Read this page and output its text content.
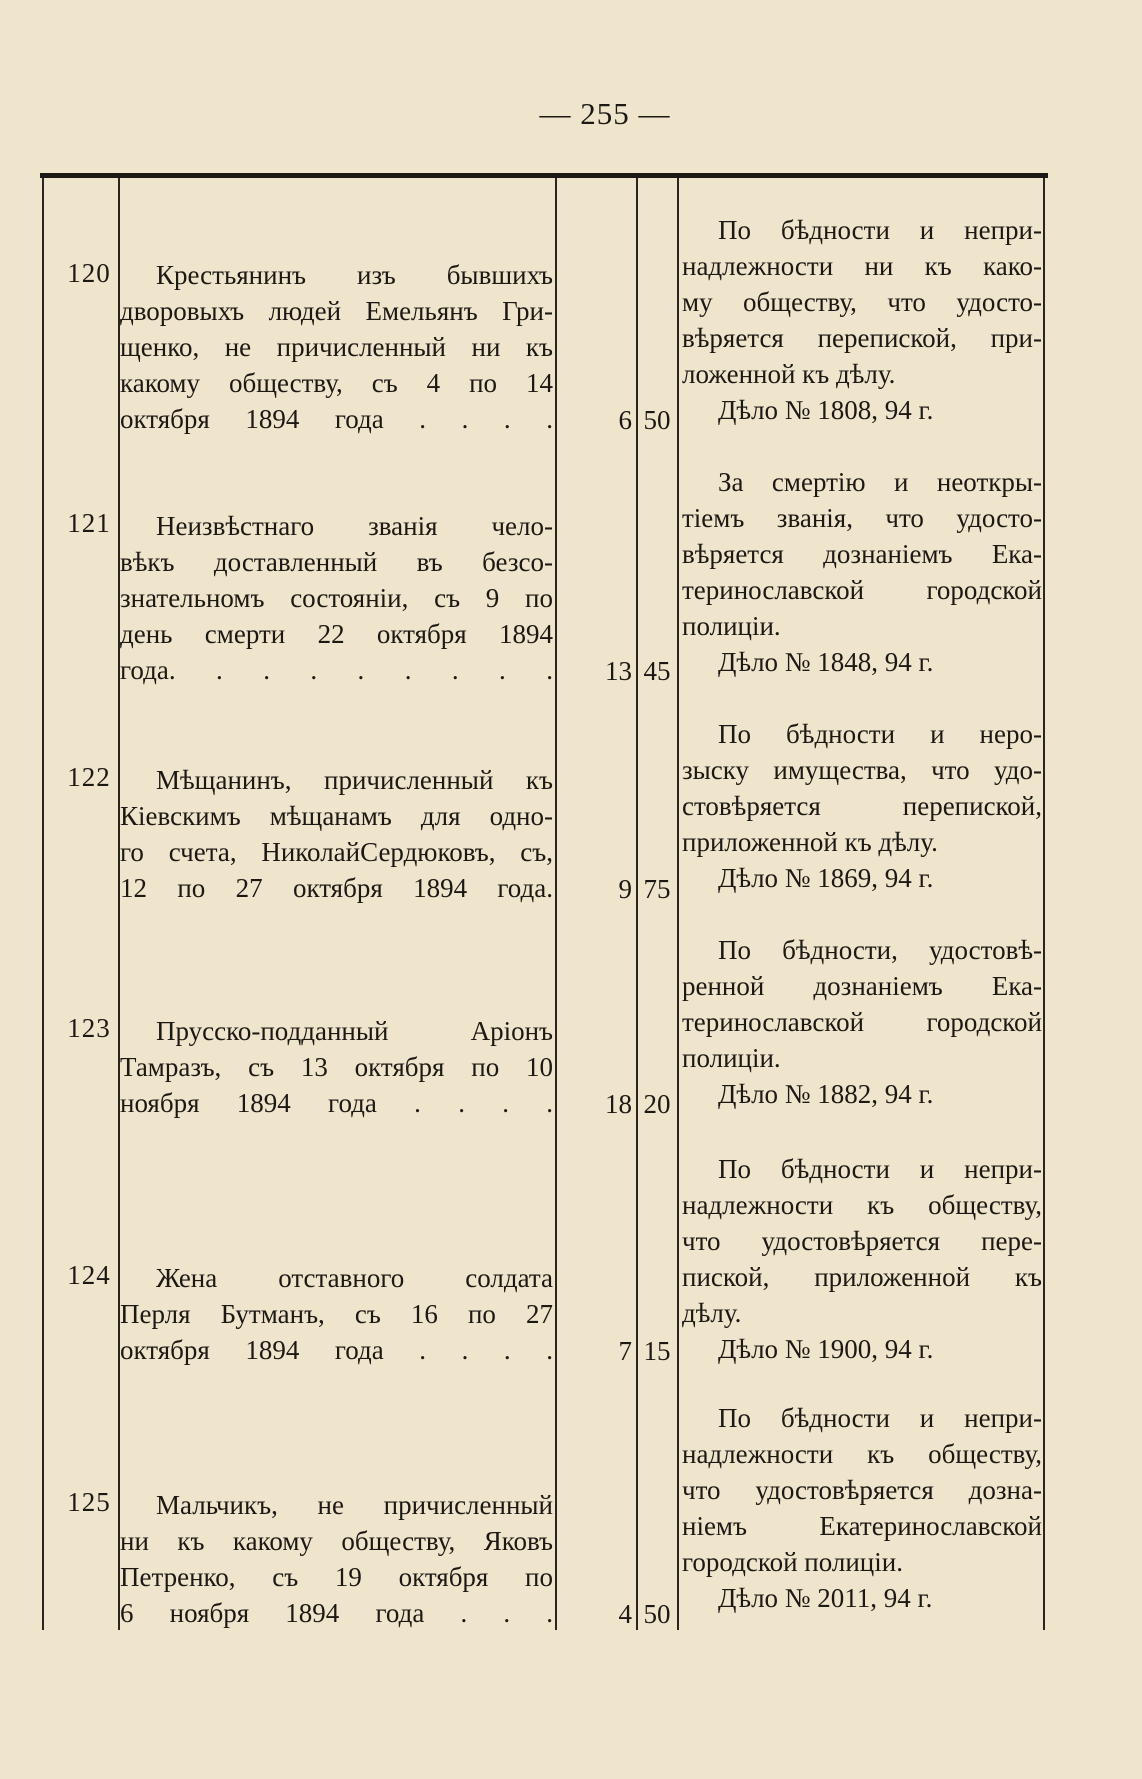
— 255 —
120	Крестьянинъ изъ бывшихъ
дворовыхъ людей Емельянъ Гри-
щенко, не причисленный ни къ
какому обществу, съ 4 по 14
октября 1894 года . . . .	6 50
По бѣдности и непри-
надлежности ни къ како-
му обществу, что удосто-
вѣряется перепиской, при-
ложенной къ дѣлу.
Дѣло № 1808, 94 г.
121	Неизвѣстнаго званія чело-
вѣкъ доставленный въ безсо-
знательномъ состояніи, съ 9 по
день смерти 22 октября 1894
года. . . . . . . . .	13 45
За смертію и неоткры-
тіемъ званія, что удосто-
вѣряется дознаніемъ Ека-
теринославской городской
полиціи.
Дѣло № 1848, 94 г.
122	Мѣщанинъ, причисленный къ
Кіевскимъ мѣщанамъ для одно-
го счета, НиколайСердюковъ, съ,
12 по 27 октября 1894 года.	9 75
По бѣдности и неро-
зыску имущества, что удо-
стовѣряется перепиской,
приложенной къ дѣлу.
Дѣло № 1869, 94 г.
123	Прусско-подданный Аріонъ
Тамразъ, съ 13 октября по 10
ноября 1894 года . . . .	18 20
По бѣдности, удостовѣ-
ренной дознаніемъ Ека-
теринославской городской
полиціи.
Дѣло № 1882, 94 г.
124	Жена отставного солдата
Перля Бутманъ, съ 16 по 27
октября 1894 года . . . .	7 15
По бѣдности и непри-
надлежности къ обществу,
что удостовѣряется пере-
пиской, приложенной къ
дѣлу.
Дѣло № 1900, 94 г.
125	Мальчикъ, не причисленный
ни къ какому обществу, Яковъ
Петренко, съ 19 октября по
6 ноября 1894 года . . .	4 50
По бѣдности и непри-
надлежности къ обществу,
что удостовѣряется дозна-
ніемъ Екатеринославской
городской полиціи.
Дѣло № 2011, 94 г.
